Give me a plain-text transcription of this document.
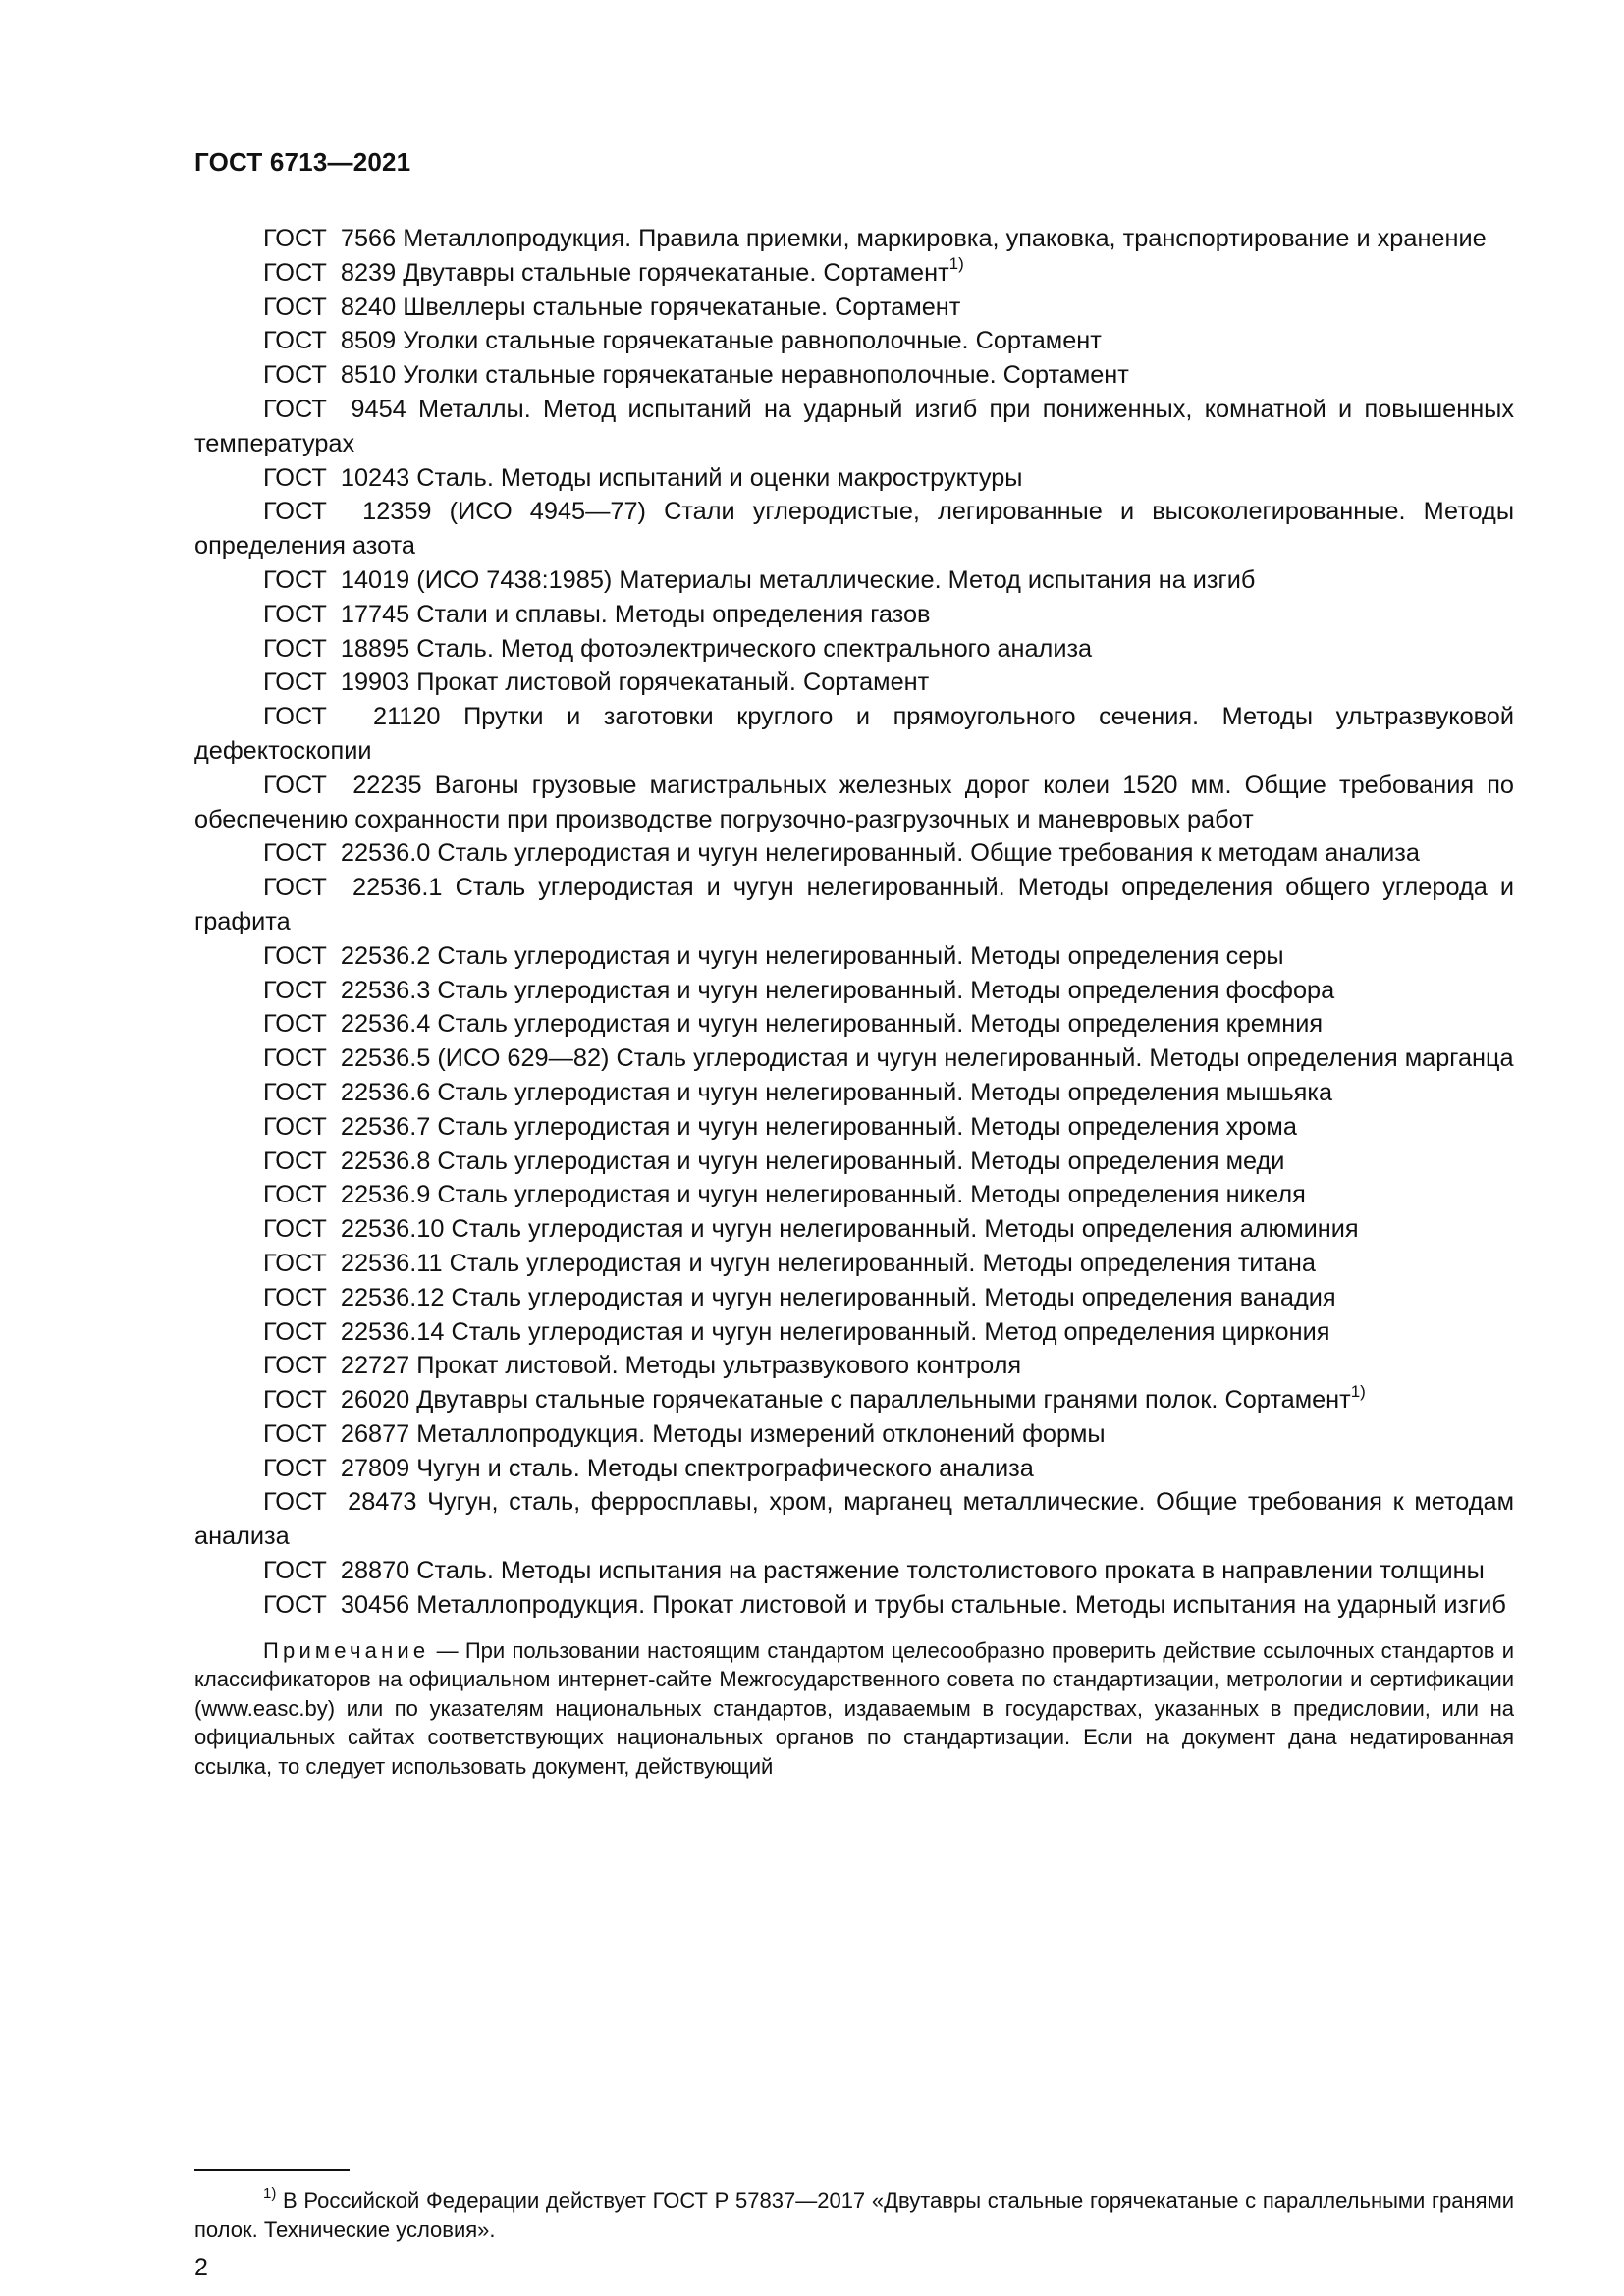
ГОСТ 6713—2021

ГОСТ  7566 Металлопродукция. Правила приемки, маркировка, упаковка, транспортирование и хранение

ГОСТ  8239 Двутавры стальные горячекатаные. Сортамент$^{1)}$

ГОСТ  8240 Швеллеры стальные горячекатаные. Сортамент

ГОСТ  8509 Уголки стальные горячекатаные равнополочные. Сортамент

ГОСТ  8510 Уголки стальные горячекатаные неравнополочные. Сортамент

ГОСТ  9454 Металлы. Метод испытаний на ударный изгиб при пониженных, комнатной и повышенных температурах

ГОСТ  10243 Сталь. Методы испытаний и оценки макроструктуры

ГОСТ  12359 (ИСО 4945—77) Стали углеродистые, легированные и высоколегированные. Методы определения азота

ГОСТ  14019 (ИСО 7438:1985) Материалы металлические. Метод испытания на изгиб

ГОСТ  17745 Стали и сплавы. Методы определения газов

ГОСТ  18895 Сталь. Метод фотоэлектрического спектрального анализа

ГОСТ  19903 Прокат листовой горячекатаный. Сортамент

ГОСТ  21120 Прутки и заготовки круглого и прямоугольного сечения. Методы ультразвуковой дефектоскопии

ГОСТ  22235 Вагоны грузовые магистральных железных дорог колеи 1520 мм. Общие требования по обеспечению сохранности при производстве погрузочно-разгрузочных и маневровых работ

ГОСТ  22536.0 Сталь углеродистая и чугун нелегированный. Общие требования к методам анализа

ГОСТ  22536.1 Сталь углеродистая и чугун нелегированный. Методы определения общего углерода и графита

ГОСТ  22536.2 Сталь углеродистая и чугун нелегированный. Методы определения серы

ГОСТ  22536.3 Сталь углеродистая и чугун нелегированный. Методы определения фосфора

ГОСТ  22536.4 Сталь углеродистая и чугун нелегированный. Методы определения кремния

ГОСТ  22536.5 (ИСО 629—82) Сталь углеродистая и чугун нелегированный. Методы определения марганца

ГОСТ  22536.6 Сталь углеродистая и чугун нелегированный. Методы определения мышьяка

ГОСТ  22536.7 Сталь углеродистая и чугун нелегированный. Методы определения хрома

ГОСТ  22536.8 Сталь углеродистая и чугун нелегированный. Методы определения меди

ГОСТ  22536.9 Сталь углеродистая и чугун нелегированный. Методы определения никеля

ГОСТ  22536.10 Сталь углеродистая и чугун нелегированный. Методы определения алюминия

ГОСТ  22536.11 Сталь углеродистая и чугун нелегированный. Методы определения титана

ГОСТ  22536.12 Сталь углеродистая и чугун нелегированный. Методы определения ванадия

ГОСТ  22536.14 Сталь углеродистая и чугун нелегированный. Метод определения циркония

ГОСТ  22727 Прокат листовой. Методы ультразвукового контроля

ГОСТ  26020 Двутавры стальные горячекатаные с параллельными гранями полок. Сортамент$^{1)}$

ГОСТ  26877 Металлопродукция. Методы измерений отклонений формы

ГОСТ  27809 Чугун и сталь. Методы спектрографического анализа

ГОСТ  28473 Чугун, сталь, ферросплавы, хром, марганец металлические. Общие требования к методам анализа

ГОСТ  28870 Сталь. Методы испытания на растяжение толстолистового проката в направлении толщины

ГОСТ  30456 Металлопродукция. Прокат листовой и трубы стальные. Методы испытания на ударный изгиб

Примечание — При пользовании настоящим стандартом целесообразно проверить действие ссылочных стандартов и классификаторов на официальном интернет-сайте Межгосударственного совета по стандартизации, метрологии и сертификации (www.easc.by) или по указателям национальных стандартов, издаваемым в государствах, указанных в предисловии, или на официальных сайтах соответствующих национальных органов по стандартизации. Если на документ дана недатированная ссылка, то следует использовать документ, действующий

$^{1)}$ В Российской Федерации действует ГОСТ Р 57837—2017 «Двутавры стальные горячекатаные с параллельными гранями полок. Технические условия».
2
